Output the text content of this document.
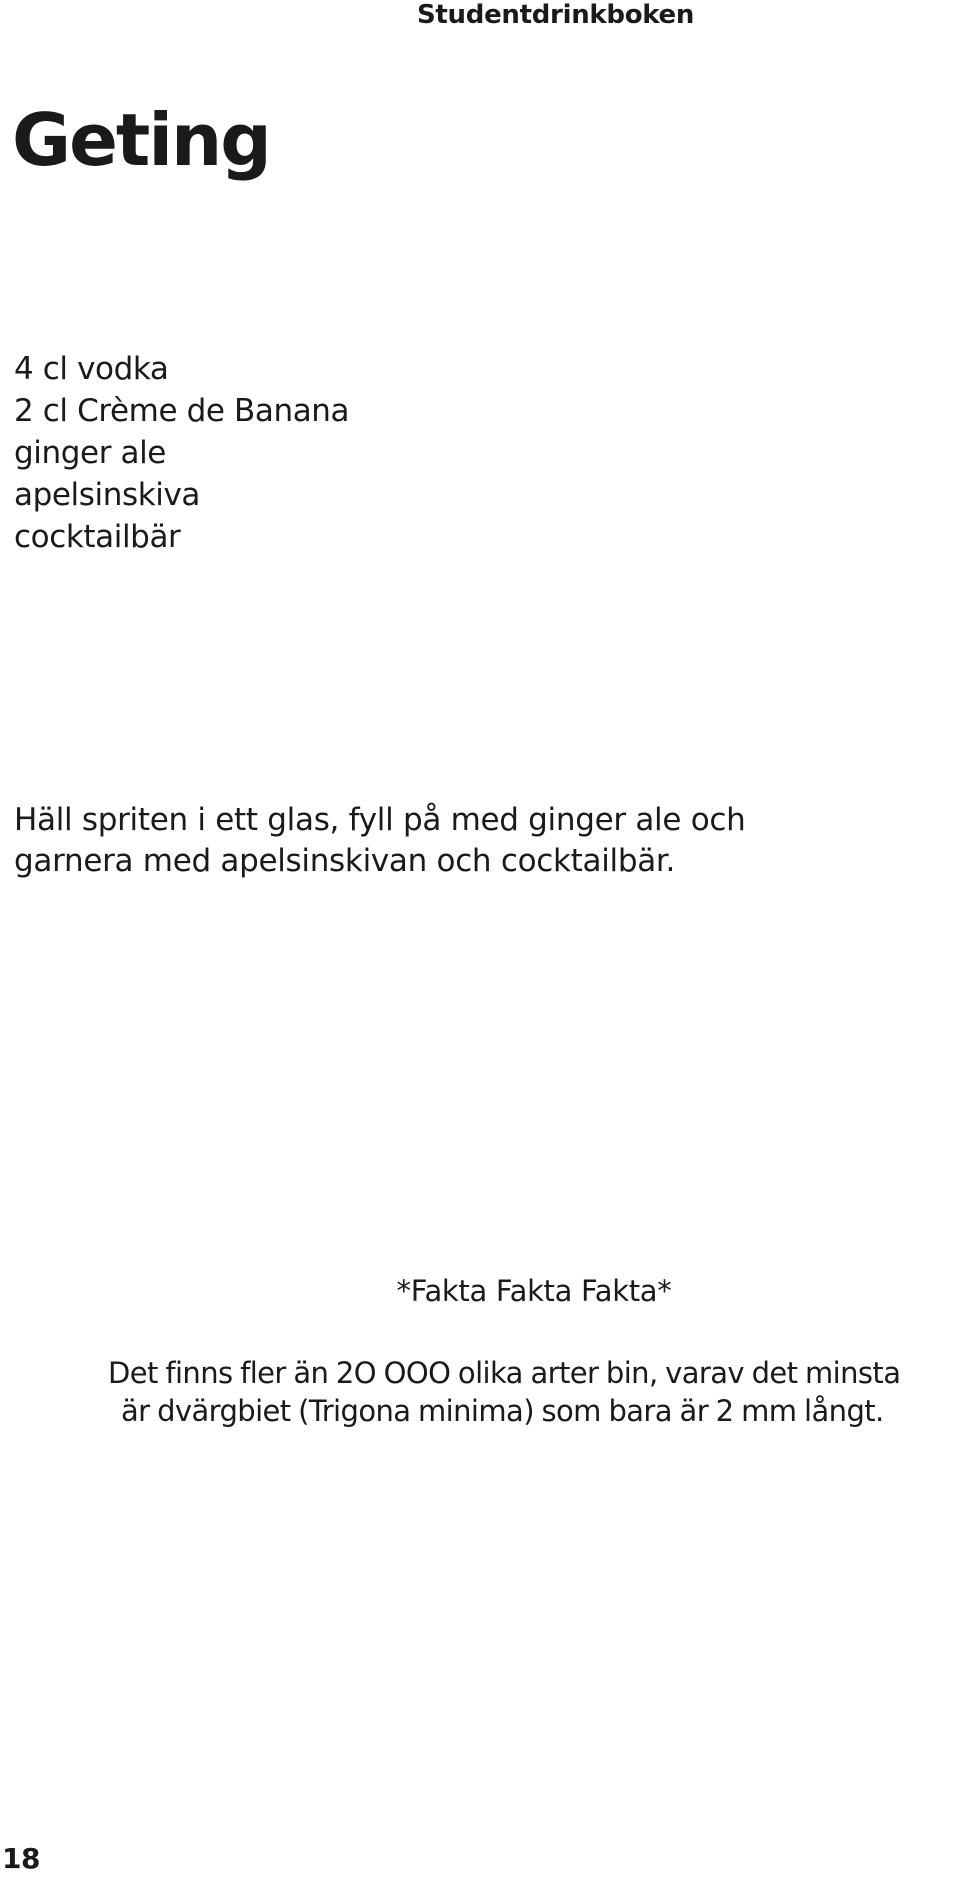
Studentdrinkboken
Geting
4 cl vodka
2 cl Crème de Banana
ginger ale
apelsinskiva
cocktailbär

Häll spriten i ett glas, fyll på med ginger ale och
garnera med apelsinskivan och cocktailbär.

*Fakta Fakta Fakta*

Det finns fler än 2O OOO olika arter bin, varav det minsta
är dvärgbiet (Trigona minima) som bara är 2 mm långt.

18
